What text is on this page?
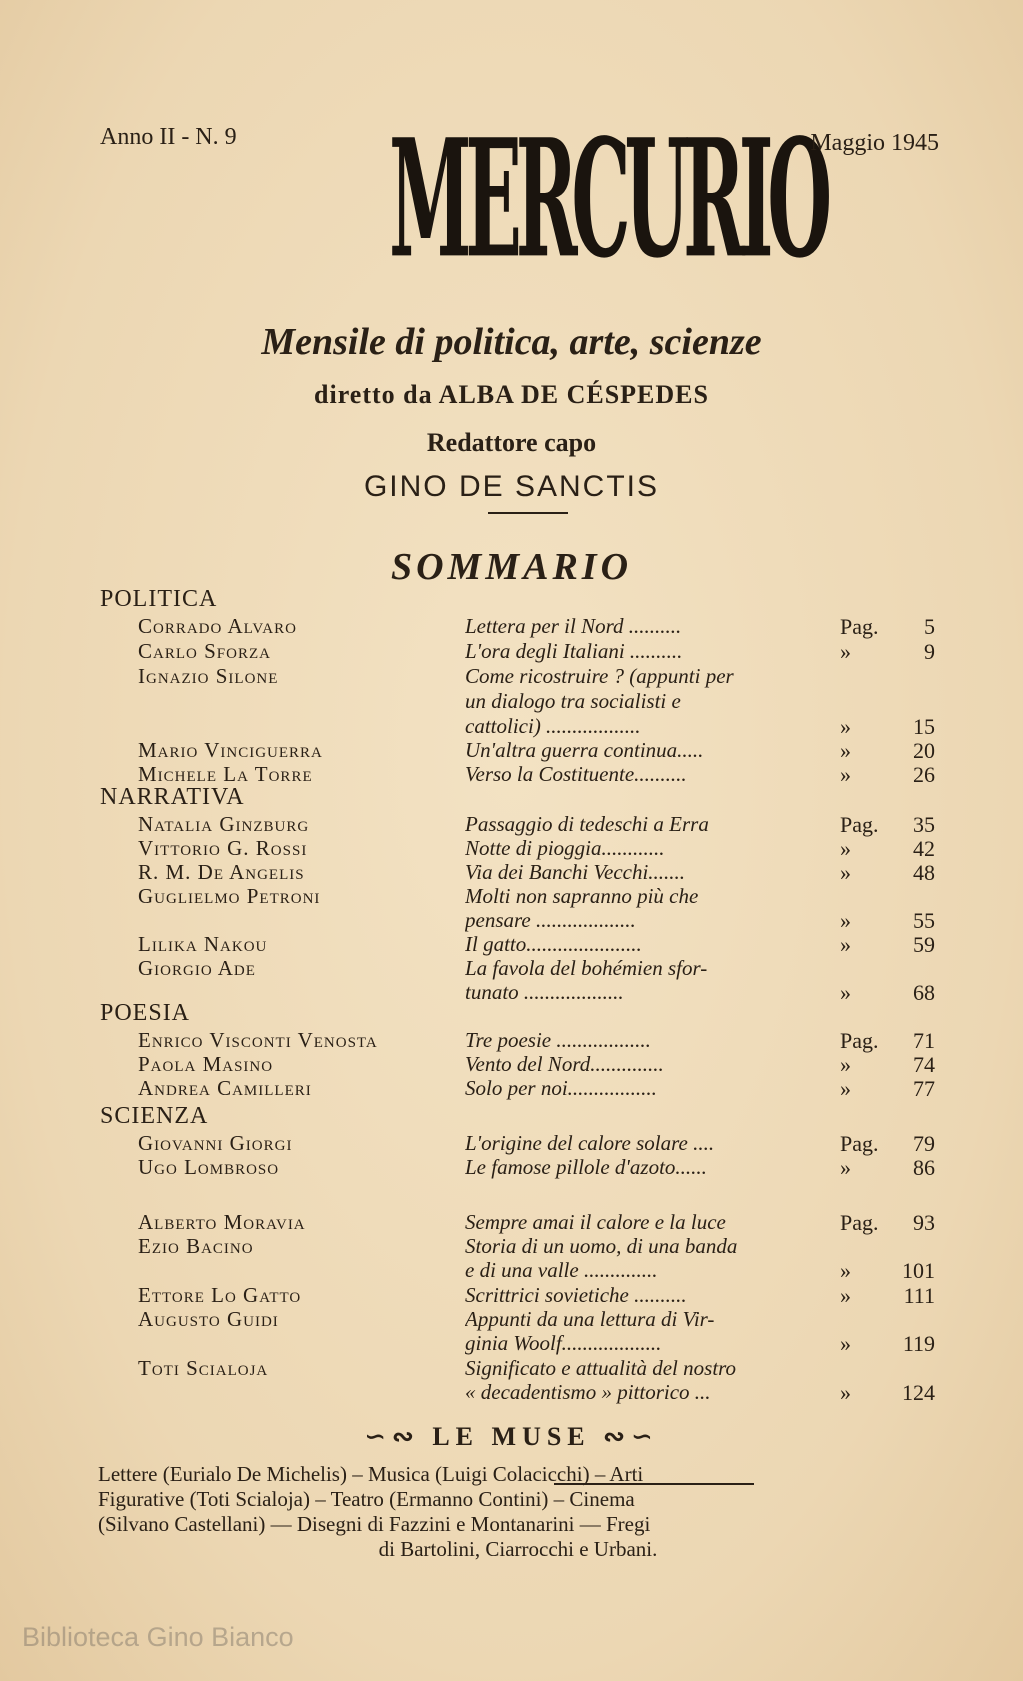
Anno II - N. 9 MERCURIO
Maggio 1945
Mensile di politica, arte, scienze
diretto da ALBA DE CÉSPEDES
Redattore capo
GINO DE SANCTIS
SOMMARIO
POLITICA
NARRATIVA
POESIA
SCIENZA
Corrado Alvaro	Lettera per il Nord ..........	Pag.	5
Carlo Sforza	L'ora degli Italiani ..........	»	9
Ignazio Silone	Come ricostruire ? (appunti per
un dialogo tra socialisti e
cattolici) ..................	»	15
Mario Vinciguerra	Un'altra guerra continua.....	»	20
Michele La Torre	Verso la Costituente..........	»	26
Natalia Ginzburg	Passaggio di tedeschi a Erra	Pag.	35
Vittorio G. Rossi	Notte di pioggia............	»	42
R. M. De Angelis	Via dei Banchi Vecchi.......	»	48
Guglielmo Petroni	Molti non sapranno più che
pensare ...................	»	55
Lilika Nakou	Il gatto......................	»	59
Giorgio Ade	La favola del bohémien sfor-
tunato ...................	»	68
Enrico Visconti Venosta	Tre poesie ..................	Pag.	71
Paola Masino	Vento del Nord..............	»	74
Andrea Camilleri	Solo per noi.................	»	77
Giovanni Giorgi	L'origine del calore solare ....	Pag.	79
Ugo Lombroso	Le famose pillole d'azoto......	»	86
Alberto Moravia	Sempre amai il calore e la luce	Pag.	93
Ezio Bacino	Storia di un uomo, di una banda
e di una valle ..............	»	101
Ettore Lo Gatto	Scrittrici sovietiche ..........	»	111
Augusto Guidi	Appunti da una lettura di Vir-
ginia Woolf...................	»	119
Toti Scialoja	Significato e attualità del nostro
« decadentismo » pittorico ...	»	124
∽∾ LE MUSE ∾∽
Lettere (Eurialo De Michelis) – Musica (Luigi Colacicchi) – Arti
Figurative (Toti Scialoja) – Teatro (Ermanno Contini) – Cinema
(Silvano Castellani) — Disegni di Fazzini e Montanarini — Fregi
di Bartolini, Ciarrocchi e Urbani.
Biblioteca Gino Bianco
